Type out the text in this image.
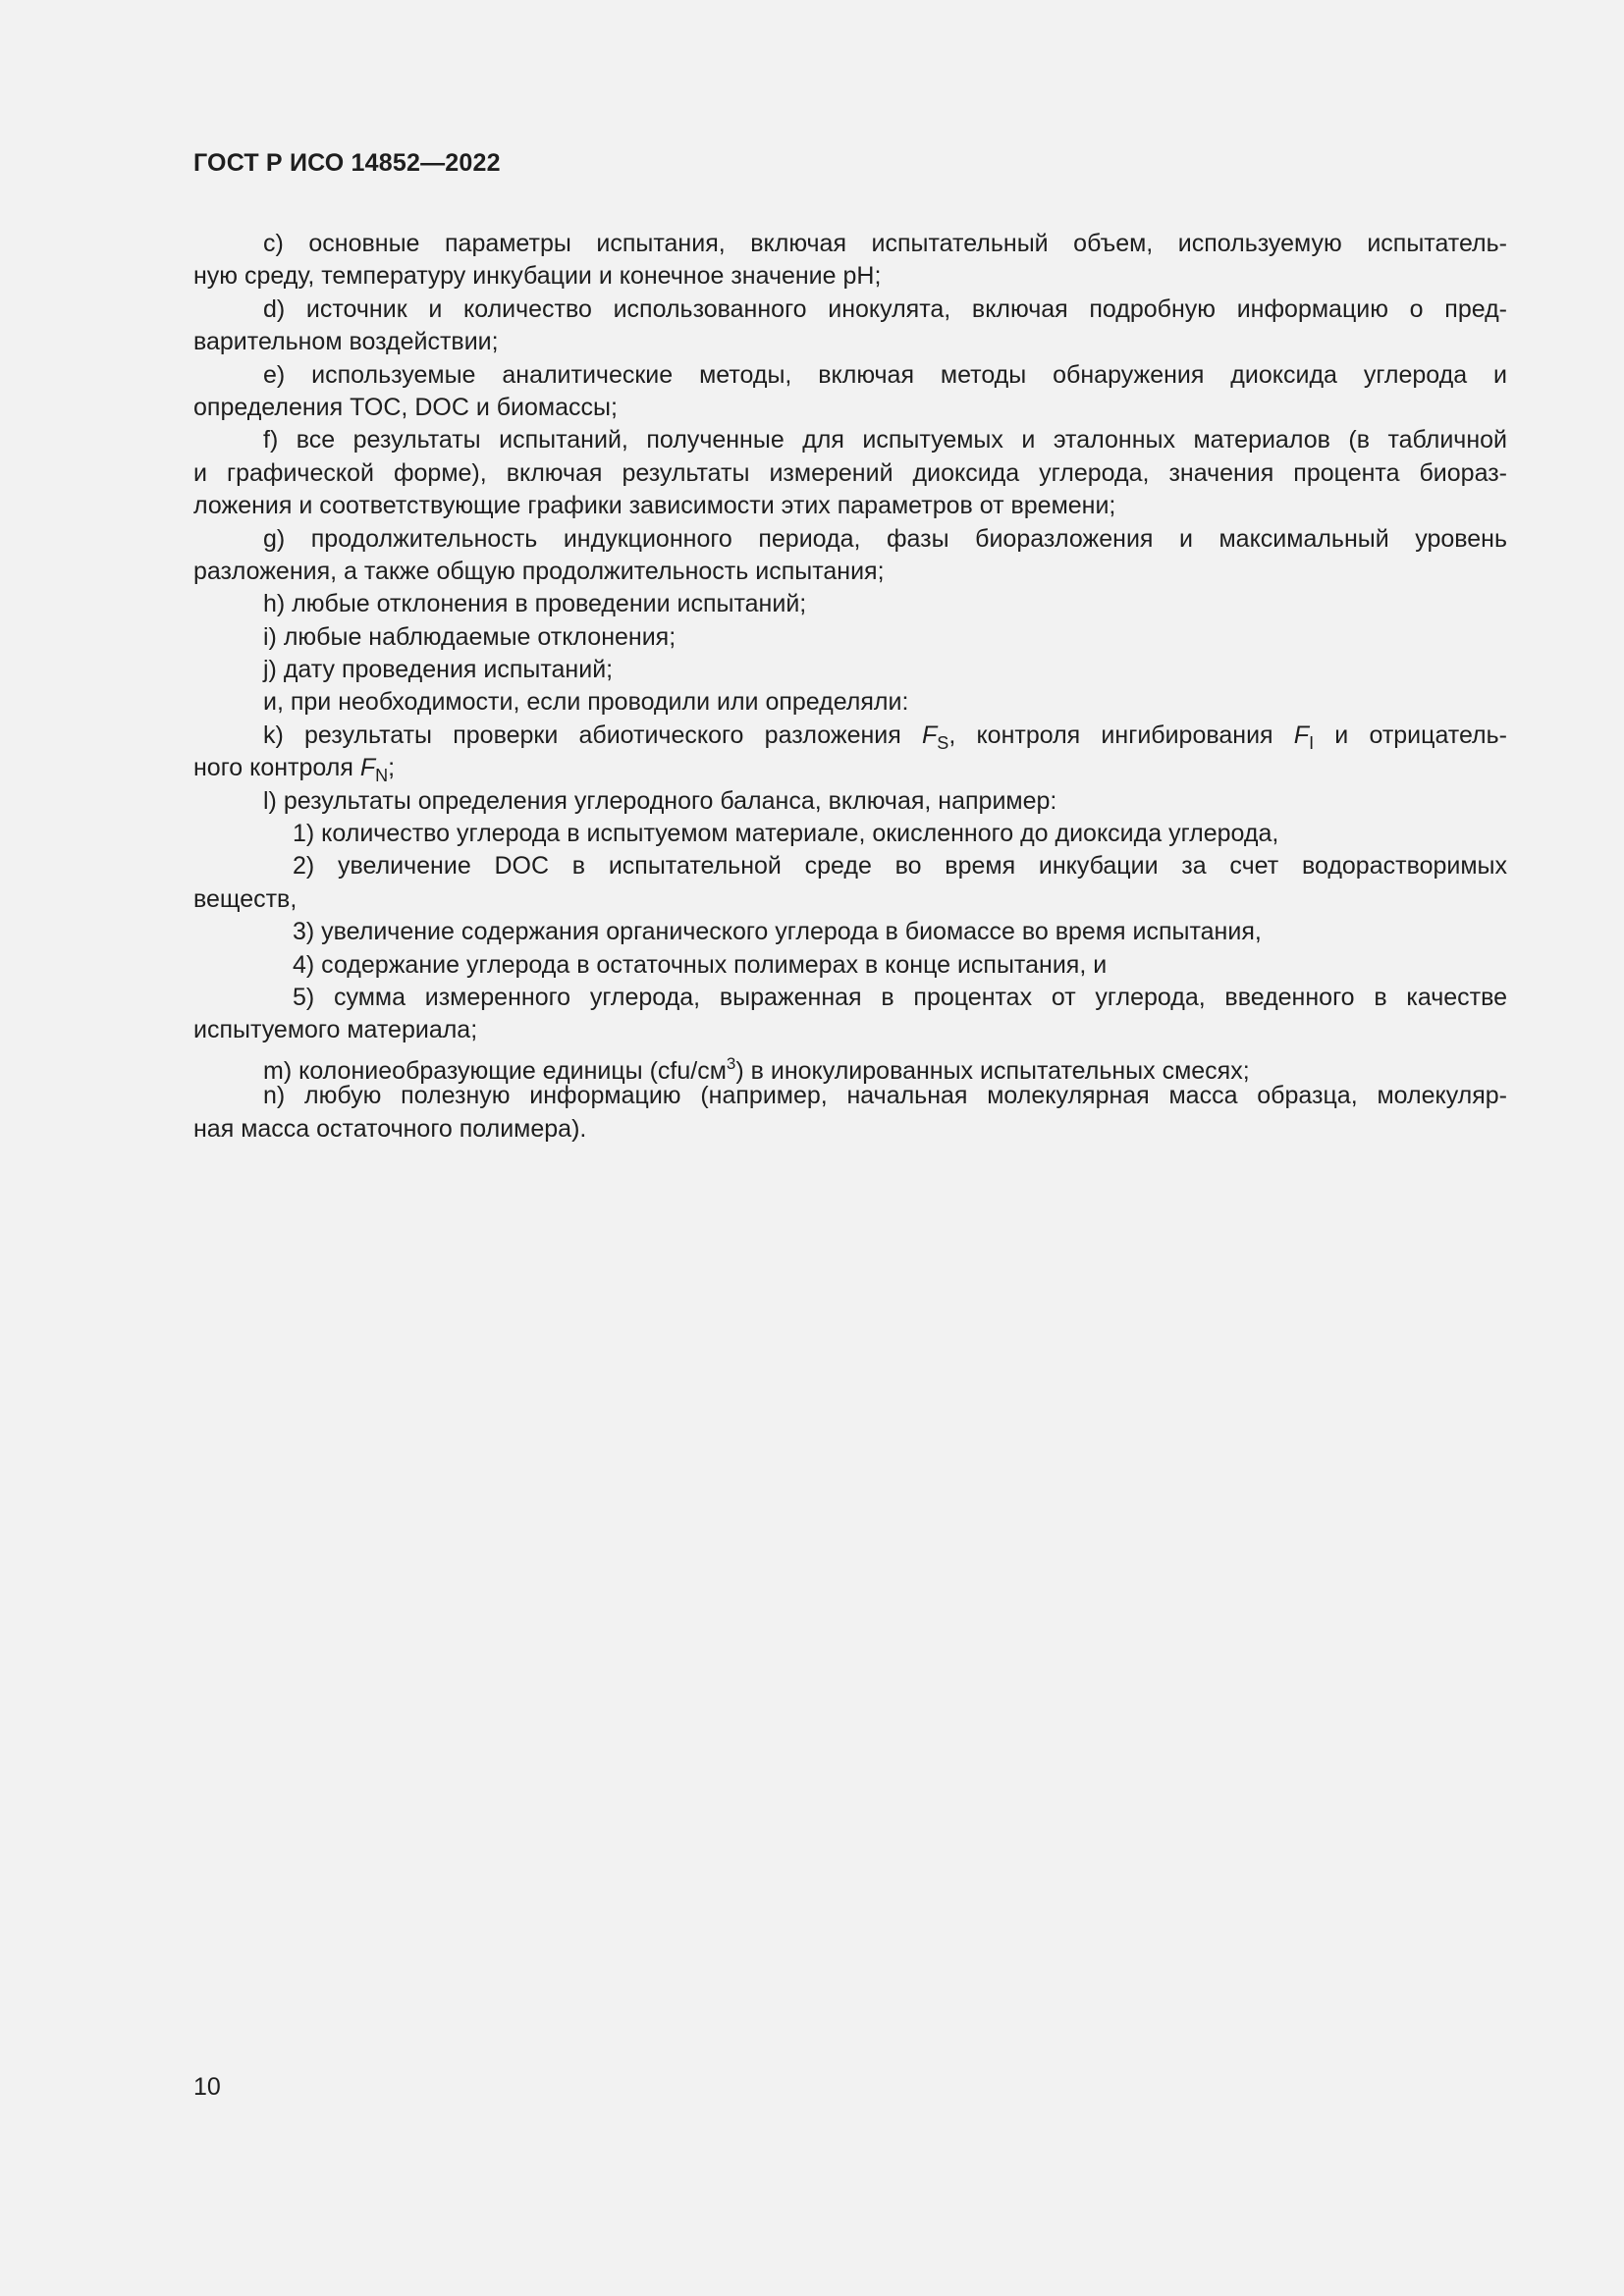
ГОСТ Р ИСО 14852—2022
c) основные параметры испытания, включая испытательный объем, используемую испытатель-
ную среду, температуру инкубации и конечное значение pH;
d) источник и количество использованного инокулята, включая подробную информацию о пред-
варительном воздействии;
e) используемые аналитические методы, включая методы обнаружения диоксида углерода и
определения TOC, DOC и биомассы;
f) все результаты испытаний, полученные для испытуемых и эталонных материалов (в табличной
и графической форме), включая результаты измерений диоксида углерода, значения процента биораз-
ложения и соответствующие графики зависимости этих параметров от времени;
g) продолжительность индукционного периода, фазы биоразложения и максимальный уровень
разложения, а также общую продолжительность испытания;
h) любые отклонения в проведении испытаний;
i) любые наблюдаемые отклонения;
j) дату проведения испытаний;
и, при необходимости, если проводили или определяли:
k) результаты проверки абиотического разложения $F_S$, контроля ингибирования $F_I$ и отрицатель-
ного контроля $F_N$;
l) результаты определения углеродного баланса, включая, например:
1) количество углерода в испытуемом материале, окисленного до диоксида углерода,
2) увеличение DOC в испытательной среде во время инкубации за счет водорастворимых
веществ,
3) увеличение содержания органического углерода в биомассе во время испытания,
4) содержание углерода в остаточных полимерах в конце испытания, и
5) сумма измеренного углерода, выраженная в процентах от углерода, введенного в качестве
испытуемого материала;
m) колониеобразующие единицы $(cfu/см^3)$ в инокулированных испытательных смесях;
n) любую полезную информацию (например, начальная молекулярная масса образца, молекуляр-
ная масса остаточного полимера).
10
